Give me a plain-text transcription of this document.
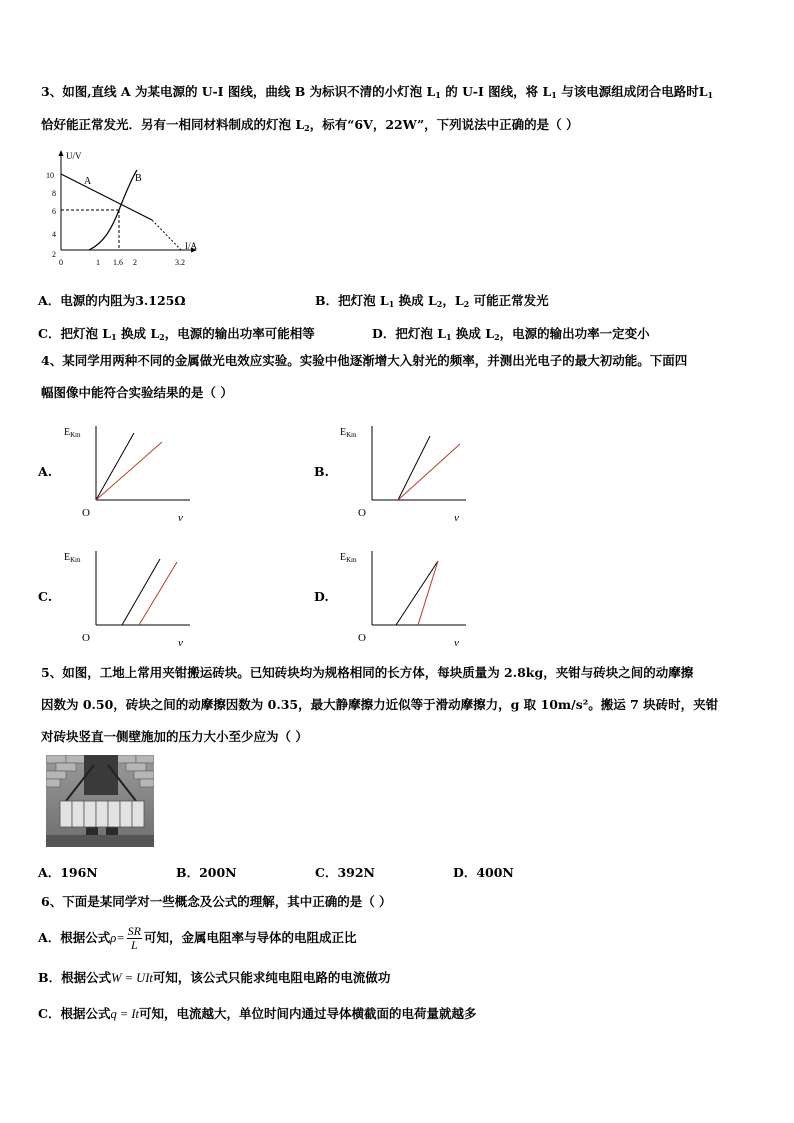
3、如图,直线 A 为某电源的 U-I 图线，曲线 B 为标识不清的小灯泡 $L_1$ 的 U-I 图线，将 $L_1$ 与该电源组成闭合电路时$L_1$
恰好能正常发光．另有一相同材料制成的灯泡 $L_2$，标有“6V，22W”，下列说法中正确的是（ ）
U/V
A	B
I/A
10
8
6
4
2
0	1 1.6 2	3.2
A．电源的内阻为3.125Ω	B．把灯泡 $L_1$ 换成 $L_2$，$L_2$ 可能正常发光
C．把灯泡 $L_1$ 换成 $L_2$，电源的输出功率可能相等	D．把灯泡 $L_1$ 换成 $L_2$，电源的输出功率一定变小
4、某同学用两种不同的金属做光电效应实验。实验中他逐渐增大入射光的频率，并测出光电子的最大初动能。下面四
幅图像中能符合实验结果的是（ ）
A.
$E_{Km}$
O	ν
B.
$E_{Km}$
O	ν
C.
$E_{Km}$
O	ν
D.
$E_{Km}$
O	ν
5、如图，工地上常用夹钳搬运砖块。已知砖块均为规格相同的长方体，每块质量为 2.8kg，夹钳与砖块之间的动摩擦
因数为 0.50，砖块之间的动摩擦因数为 0.35，最大静摩擦力近似等于滑动摩擦力，g 取 10m/s²。搬运 7 块砖时，夹钳
对砖块竖直一侧壁施加的压力大小至少应为（ ）
A．196N	B．200N	C．392N	D．400N
6、下面是某同学对一些概念及公式的理解，其中正确的是（ ）
A．根据公式$\rho= \frac{SR}{L}$ 可知，金属电阻率与导体的电阻成正比
B．根据公式W = UIt可知，该公式只能求纯电阻电路的电流做功
C．根据公式q = It可知，电流越大，单位时间内通过导体横截面的电荷量就越多
